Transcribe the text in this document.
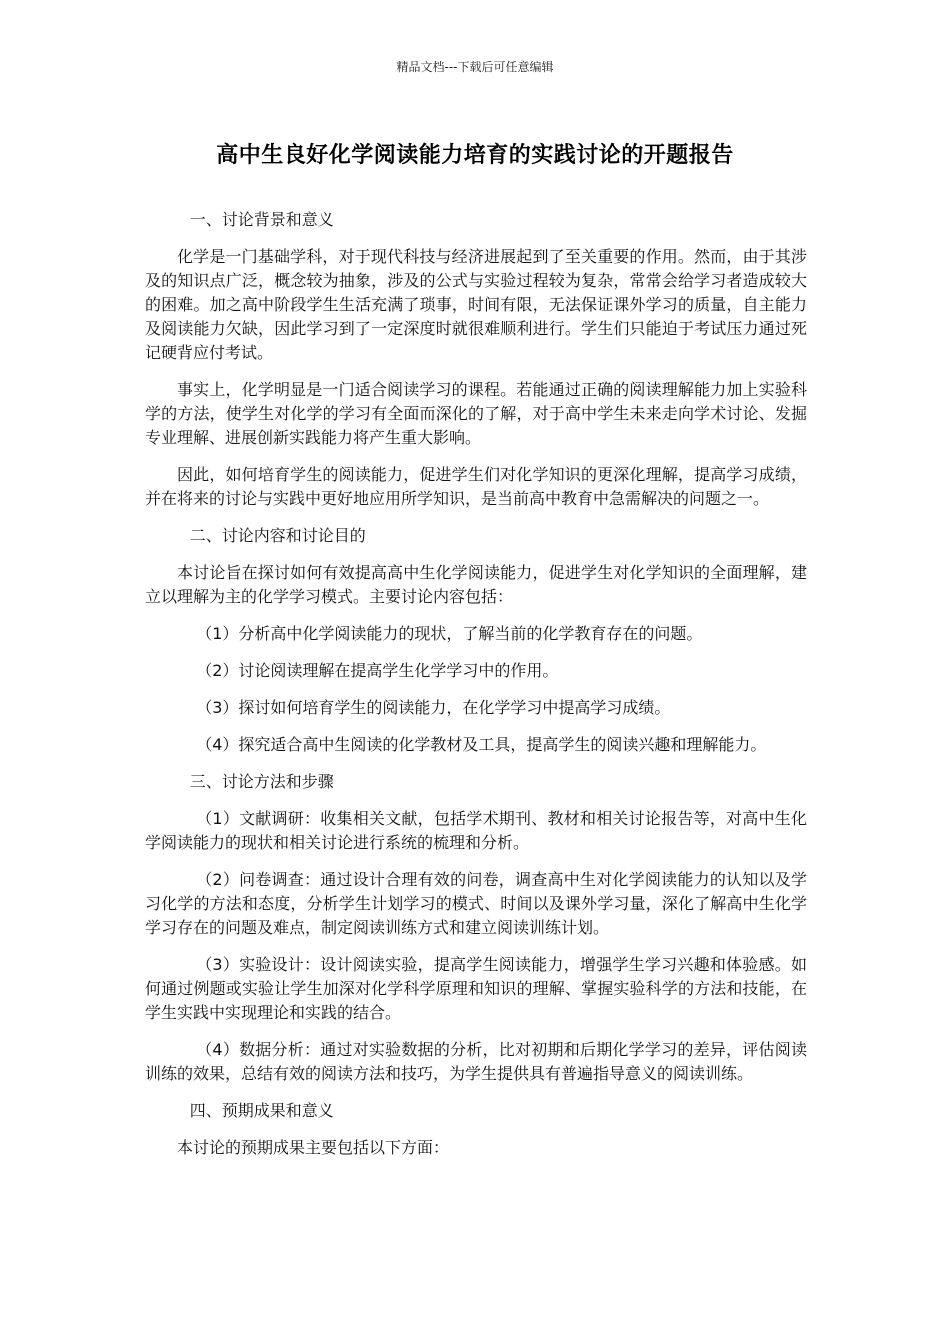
精品文档---下载后可任意编辑
高中生良好化学阅读能力培育的实践讨论的开题报告

一、讨论背景和意义

化学是一门基础学科，对于现代科技与经济进展起到了至关重要的作用。然而，由于其涉及的知识点广泛，概念较为抽象，涉及的公式与实验过程较为复杂，常常会给学习者造成较大的困难。加之高中阶段学生生活充满了琐事，时间有限，无法保证课外学习的质量，自主能力及阅读能力欠缺，因此学习到了一定深度时就很难顺利进行。学生们只能迫于考试压力通过死记硬背应付考试。

事实上，化学明显是一门适合阅读学习的课程。若能通过正确的阅读理解能力加上实验科学的方法，使学生对化学的学习有全面而深化的了解，对于高中学生未来走向学术讨论、发掘专业理解、进展创新实践能力将产生重大影响。

因此，如何培育学生的阅读能力，促进学生们对化学知识的更深化理解，提高学习成绩，并在将来的讨论与实践中更好地应用所学知识，是当前高中教育中急需解决的问题之一。

二、讨论内容和讨论目的

本讨论旨在探讨如何有效提高高中生化学阅读能力，促进学生对化学知识的全面理解，建立以理解为主的化学学习模式。主要讨论内容包括：

（1）分析高中化学阅读能力的现状，了解当前的化学教育存在的问题。

（2）讨论阅读理解在提高学生化学学习中的作用。

（3）探讨如何培育学生的阅读能力，在化学学习中提高学习成绩。

（4）探究适合高中生阅读的化学教材及工具，提高学生的阅读兴趣和理解能力。

三、讨论方法和步骤

（1）文献调研：收集相关文献，包括学术期刊、教材和相关讨论报告等，对高中生化学阅读能力的现状和相关讨论进行系统的梳理和分析。

（2）问卷调查：通过设计合理有效的问卷，调查高中生对化学阅读能力的认知以及学习化学的方法和态度，分析学生计划学习的模式、时间以及课外学习量，深化了解高中生化学学习存在的问题及难点，制定阅读训练方式和建立阅读训练计划。

（3）实验设计：设计阅读实验，提高学生阅读能力，增强学生学习兴趣和体验感。如何通过例题或实验让学生加深对化学科学原理和知识的理解、掌握实验科学的方法和技能，在学生实践中实现理论和实践的结合。

（4）数据分析：通过对实验数据的分析，比对初期和后期化学学习的差异，评估阅读训练的效果，总结有效的阅读方法和技巧，为学生提供具有普遍指导意义的阅读训练。

四、预期成果和意义

本讨论的预期成果主要包括以下方面：
